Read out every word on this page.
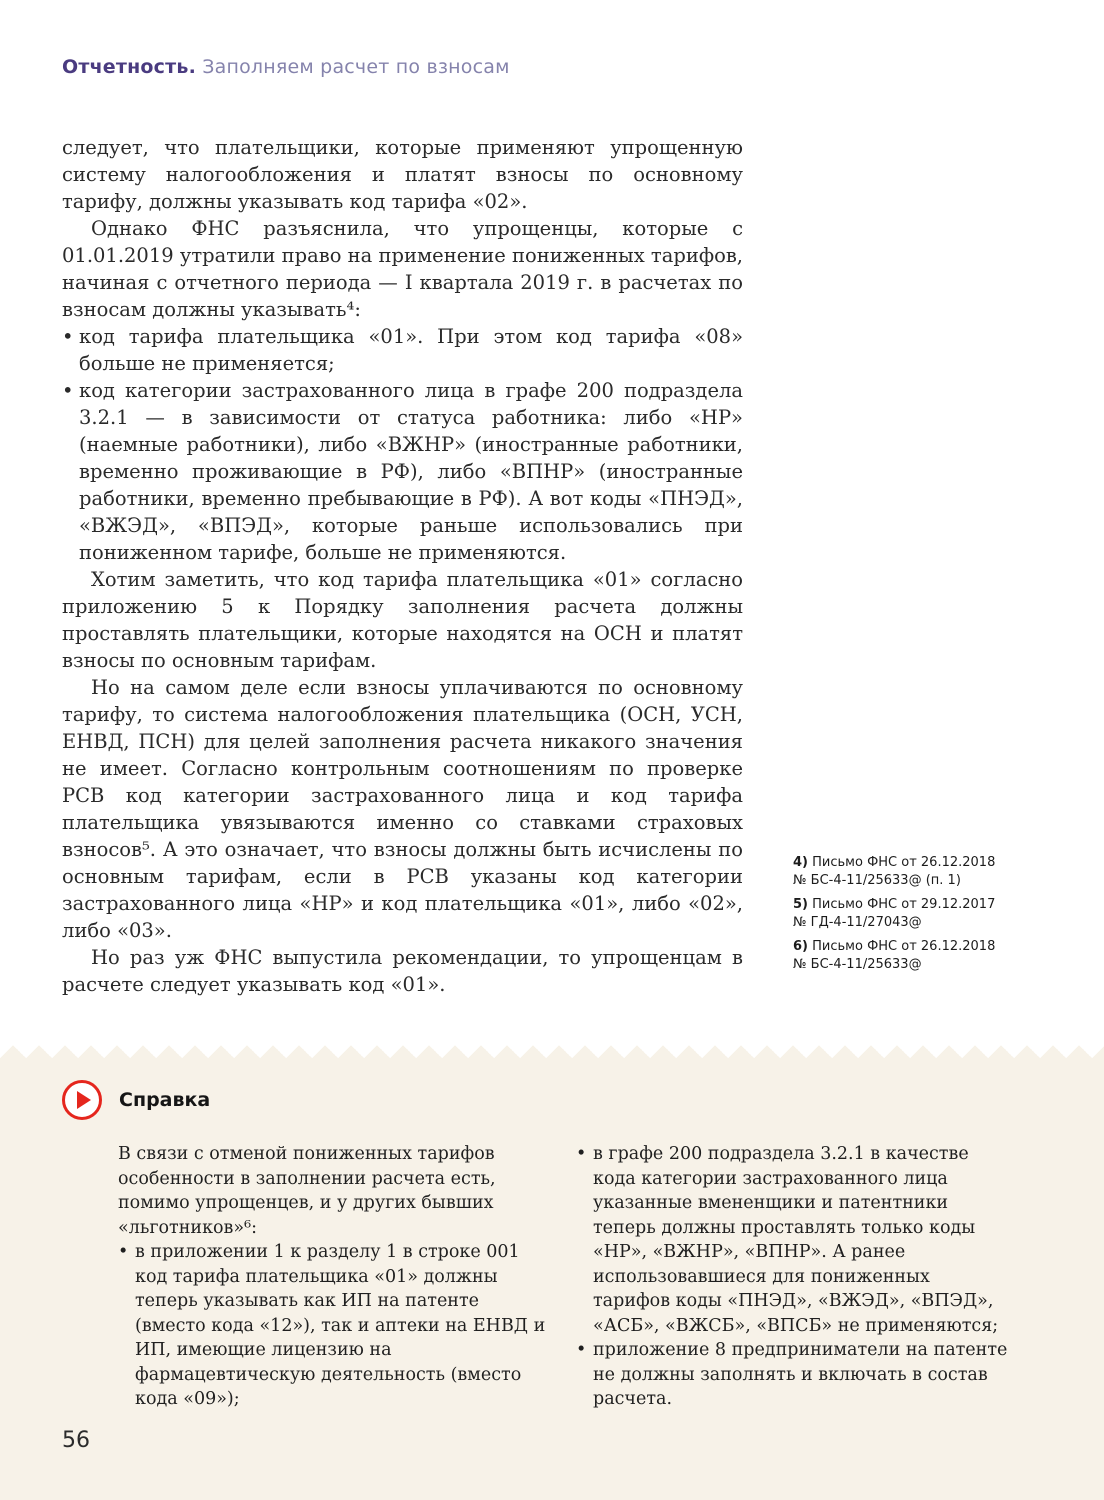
Отчетность. Заполняем расчет по взносам

следует, что плательщики, которые применяют упрощенную систему налогообложения и платят взносы по основному тарифу, должны указывать код тарифа «02».

Однако ФНС разъяснила, что упрощенцы, которые с 01.01.2019 утратили право на применение пониженных тарифов, начиная с отчетного периода — I квартала 2019 г. в расчетах по взносам должны указывать⁴:

• код тарифа плательщика «01». При этом код тарифа «08» больше не применяется;
• код категории застрахованного лица в графе 200 подраздела 3.2.1 — в зависимости от статуса работника: либо «НР» (наемные работники), либо «ВЖНР» (иностранные работники, временно проживающие в РФ), либо «ВПНР» (иностранные работники, временно пребывающие в РФ). А вот коды «ПНЭД», «ВЖЭД», «ВПЭД», которые раньше использовались при пониженном тарифе, больше не применяются.

Хотим заметить, что код тарифа плательщика «01» согласно приложению 5 к Порядку заполнения расчета должны проставлять плательщики, которые находятся на ОСН и платят взносы по основным тарифам.

Но на самом деле если взносы уплачиваются по основному тарифу, то система налогообложения плательщика (ОСН, УСН, ЕНВД, ПСН) для целей заполнения расчета никакого значения не имеет. Согласно контрольным соотношениям по проверке РСВ код категории застрахованного лица и код тарифа плательщика увязываются именно со ставками страховых взносов⁵. А это означает, что взносы должны быть исчислены по основным тарифам, если в РСВ указаны код категории застрахованного лица «НР» и код плательщика «01», либо «02», либо «03».

Но раз уж ФНС выпустила рекомендации, то упрощенцам в расчете следует указывать код «01».

4) Письмо ФНС от 26.12.2018
№ БС-4-11/25633@ (п. 1)
5) Письмо ФНС от 29.12.2017
№ ГД-4-11/27043@
6) Письмо ФНС от 26.12.2018
№ БС-4-11/25633@
Справка

В связи с отменой пониженных тарифов особенности в заполнении расчета есть, помимо упрощенцев, и у других бывших «льготников»⁶:

• в приложении 1 к разделу 1 в строке 001 код тарифа плательщика «01» должны теперь указывать как ИП на патенте (вместо кода «12»), так и аптеки на ЕНВД и ИП, имеющие лицензию на фармацевтическую деятельность (вместо кода «09»);
• в графе 200 подраздела 3.2.1 в качестве кода категории застрахованного лица указанные вмененщики и патентники теперь должны проставлять только коды «НР», «ВЖНР», «ВПНР». А ранее использовавшиеся для пониженных тарифов коды «ПНЭД», «ВЖЭД», «ВПЭД», «АСБ», «ВЖСБ», «ВПСБ» не применяются;
• приложение 8 предприниматели на патенте не должны заполнять и включать в состав расчета.
56
